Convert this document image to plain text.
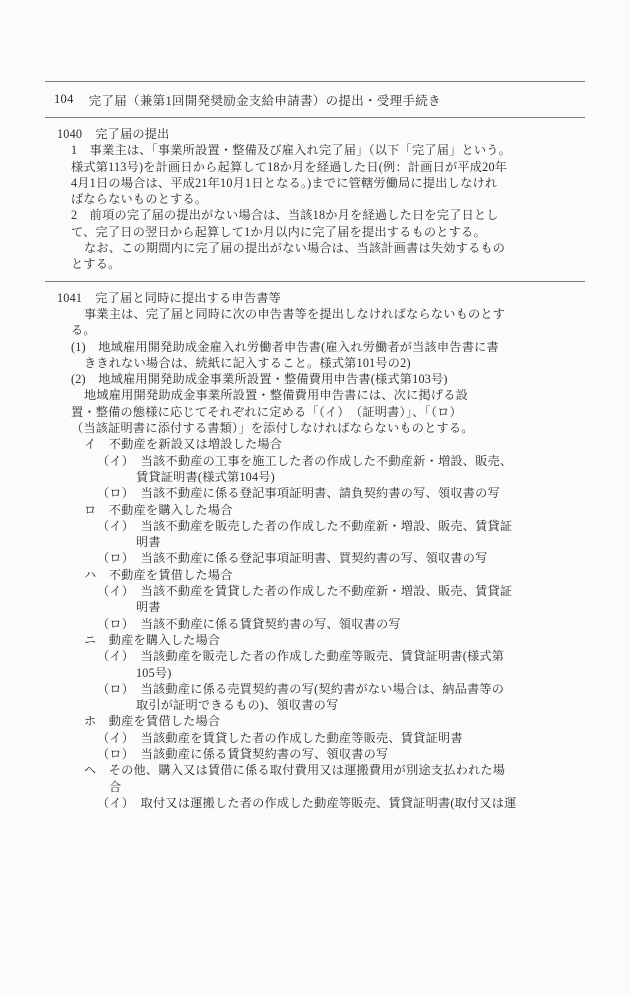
104 完了届（兼第1回開発奨励金支給申請書）の提出・受理手続き
1040 完了届の提出
1　事業主は、「事業所設置・整備及び雇入れ完了届」（以下「完了届」という。
様式第113号)を計画日から起算して18か月を経過した日(例：計画日が平成20年
4月1日の場合は、平成21年10月1日となる。)までに管轄労働局に提出しなけれ
ばならないものとする。
2　前項の完了届の提出がない場合は、当該18か月を経過した日を完了日とし
て、完了日の翌日から起算して1か月以内に完了届を提出するものとする。
なお、この期間内に完了届の提出がない場合は、当該計画書は失効するもの
とする。
1041 完了届と同時に提出する申告書等
事業主は、完了届と同時に次の申告書等を提出しなければならないものとす
る。
(1)　地域雇用開発助成金雇入れ労働者申告書(雇入れ労働者が当該申告書に書
ききれない場合は、続紙に記入すること。様式第101号の2)
(2)　地域雇用開発助成金事業所設置・整備費用申告書(様式第103号)
地域雇用開発助成金事業所設置・整備費用申告書には、次に掲げる設
置・整備の態様に応じてそれぞれに定める「（イ）　（証明書）」、「（ロ）
（当該証明書に添付する書類）」を添付しなければならないものとする。
イ　不動産を新設又は増設した場合
（イ）  当該不動産の工事を施工した者の作成した不動産新・増設、販売、
賃貸証明書(様式第104号)
（ロ）  当該不動産に係る登記事項証明書、請負契約書の写、領収書の写
ロ　不動産を購入した場合
（イ）  当該不動産を販売した者の作成した不動産新・増設、販売、賃貸証
明書
（ロ）  当該不動産に係る登記事項証明書、買契約書の写、領収書の写
ハ　不動産を賃借した場合
（イ）  当該不動産を賃貸した者の作成した不動産新・増設、販売、賃貸証
明書
（ロ）  当該不動産に係る賃貸契約書の写、領収書の写
ニ　動産を購入した場合
（イ）  当該動産を販売した者の作成した動産等販売、賃貸証明書(様式第
105号)
（ロ）  当該動産に係る売買契約書の写(契約書がない場合は、納品書等の
取引が証明できるもの)、領収書の写
ホ　動産を賃借した場合
（イ）  当該動産を賃貸した者の作成した動産等販売、賃貸証明書
（ロ）  当該動産に係る賃貸契約書の写、領収書の写
ヘ　その他、購入又は賃借に係る取付費用又は運搬費用が別途支払われた場
合
（イ）  取付又は運搬した者の作成した動産等販売、賃貸証明書(取付又は運
